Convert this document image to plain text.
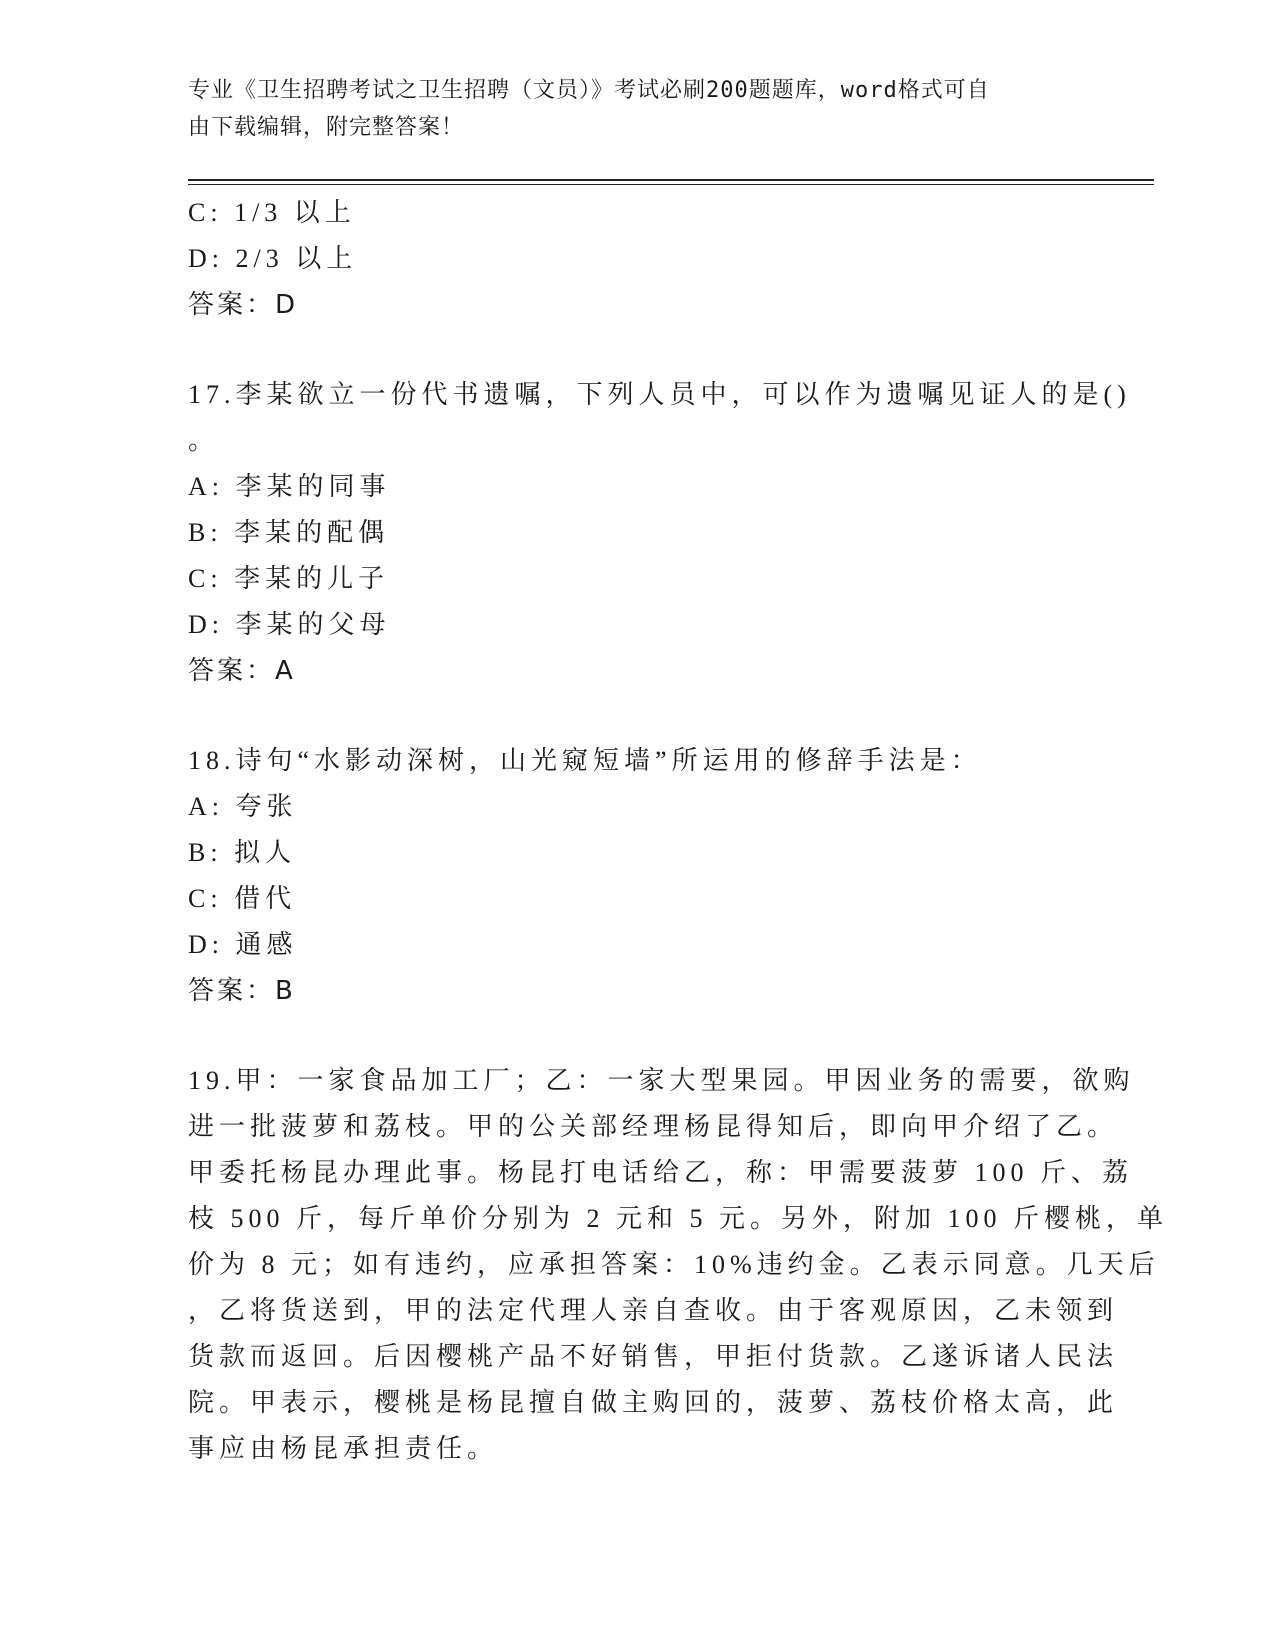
专业《卫生招聘考试之卫生招聘（文员）》考试必刷200题题库，word格式可自
由下载编辑，附完整答案！
C: 1/3 以上
D: 2/3 以上
答案：D
17.李某欲立一份代书遗嘱，下列人员中，可以作为遗嘱见证人的是()
。
A: 李某的同事
B: 李某的配偶
C: 李某的儿子
D: 李某的父母
答案：A
18.诗句“水影动深树，山光窥短墙”所运用的修辞手法是：
A: 夸张
B: 拟人
C: 借代
D: 通感
答案：B
19.甲：一家食品加工厂；乙：一家大型果园。甲因业务的需要，欲购
进一批菠萝和荔枝。甲的公关部经理杨昆得知后，即向甲介绍了乙。
甲委托杨昆办理此事。杨昆打电话给乙，称：甲需要菠萝 100 斤、荔
枝 500 斤，每斤单价分别为 2 元和 5 元。另外，附加 100 斤樱桃，单
价为 8 元；如有违约，应承担答案：10%违约金。乙表示同意。几天后
，乙将货送到，甲的法定代理人亲自查收。由于客观原因，乙未领到
货款而返回。后因樱桃产品不好销售，甲拒付货款。乙遂诉诸人民法
院。甲表示，樱桃是杨昆擅自做主购回的，菠萝、荔枝价格太高，此
事应由杨昆承担责任。
